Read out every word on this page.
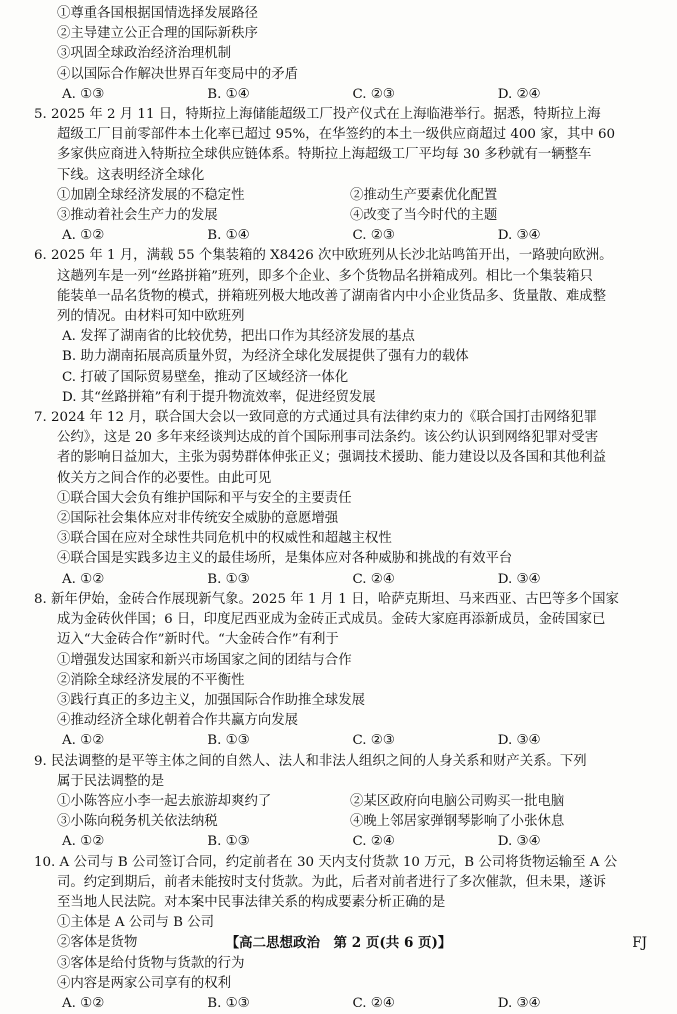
①尊重各国根据国情选择发展路径
②主导建立公正合理的国际新秩序
③巩固全球政治经济治理机制
④以国际合作解决世界百年变局中的矛盾
A. ①③	B. ①④	C. ②③	D. ②④
5. 2025 年 2 月 11 日，特斯拉上海储能超级工厂投产仪式在上海临港举行。据悉，特斯拉上海
超级工厂目前零部件本土化率已超过 95%，在华签约的本土一级供应商超过 400 家，其中 60
多家供应商进入特斯拉全球供应链体系。特斯拉上海超级工厂平均每 30 多秒就有一辆整车
下线。这表明经济全球化
①加剧全球经济发展的不稳定性	②推动生产要素优化配置
③推动着社会生产力的发展	④改变了当今时代的主题
A. ①②	B. ①④	C. ②③	D. ③④
6. 2025 年 1 月，满载 55 个集装箱的 X8426 次中欧班列从长沙北站鸣笛开出，一路驶向欧洲。
这趟列车是一列“丝路拼箱”班列，即多个企业、多个货物品名拼箱成列。相比一个集装箱只
能装单一品名货物的模式，拼箱班列极大地改善了湖南省内中小企业货品多、货量散、难成整
列的情况。由材料可知中欧班列
A. 发挥了湖南省的比较优势，把出口作为其经济发展的基点
B. 助力湖南拓展高质量外贸，为经济全球化发展提供了强有力的载体
C. 打破了国际贸易壁垒，推动了区域经济一体化
D. 其“丝路拼箱”有利于提升物流效率，促进经贸发展
7. 2024 年 12 月，联合国大会以一致同意的方式通过具有法律约束力的《联合国打击网络犯罪
公约》，这是 20 多年来经谈判达成的首个国际刑事司法条约。该公约认识到网络犯罪对受害
者的影响日益加大，主张为弱势群体伸张正义；强调技术援助、能力建设以及各国和其他利益
攸关方之间合作的必要性。由此可见
①联合国大会负有维护国际和平与安全的主要责任
②国际社会集体应对非传统安全威胁的意愿增强
③联合国在应对全球性共同危机中的权威性和超越主权性
④联合国是实践多边主义的最佳场所，是集体应对各种威胁和挑战的有效平台
A. ①②	B. ①③	C. ②④	D. ③④
8. 新年伊始，金砖合作展现新气象。2025 年 1 月 1 日，哈萨克斯坦、马来西亚、古巴等多个国家
成为金砖伙伴国；6 日，印度尼西亚成为金砖正式成员。金砖大家庭再添新成员，金砖国家已
迈入“大金砖合作”新时代。“大金砖合作”有利于
①增强发达国家和新兴市场国家之间的团结与合作
②消除全球经济发展的不平衡性
③践行真正的多边主义，加强国际合作助推全球发展
④推动经济全球化朝着合作共赢方向发展
A. ①②	B. ①③	C. ②③	D. ③④
9. 民法调整的是平等主体之间的自然人、法人和非法人组织之间的人身关系和财产关系。下列
属于民法调整的是
①小陈答应小李一起去旅游却爽约了	②某区政府向电脑公司购买一批电脑
③小陈向税务机关依法纳税	④晚上邻居家弹钢琴影响了小张休息
A. ①②	B. ①③	C. ②④	D. ③④
10. A 公司与 B 公司签订合同，约定前者在 30 天内支付货款 10 万元，B 公司将货物运输至 A 公
司。约定到期后，前者未能按时支付货款。为此，后者对前者进行了多次催款，但未果，遂诉
至当地人民法院。对本案中民事法律关系的构成要素分析正确的是
①主体是 A 公司与 B 公司
②客体是货物
③客体是给付货物与货款的行为
④内容是两家公司享有的权利
A. ①②	B. ①③	C. ②④	D. ③④
【高二思想政治　第 2 页(共 6 页)】	FJ
